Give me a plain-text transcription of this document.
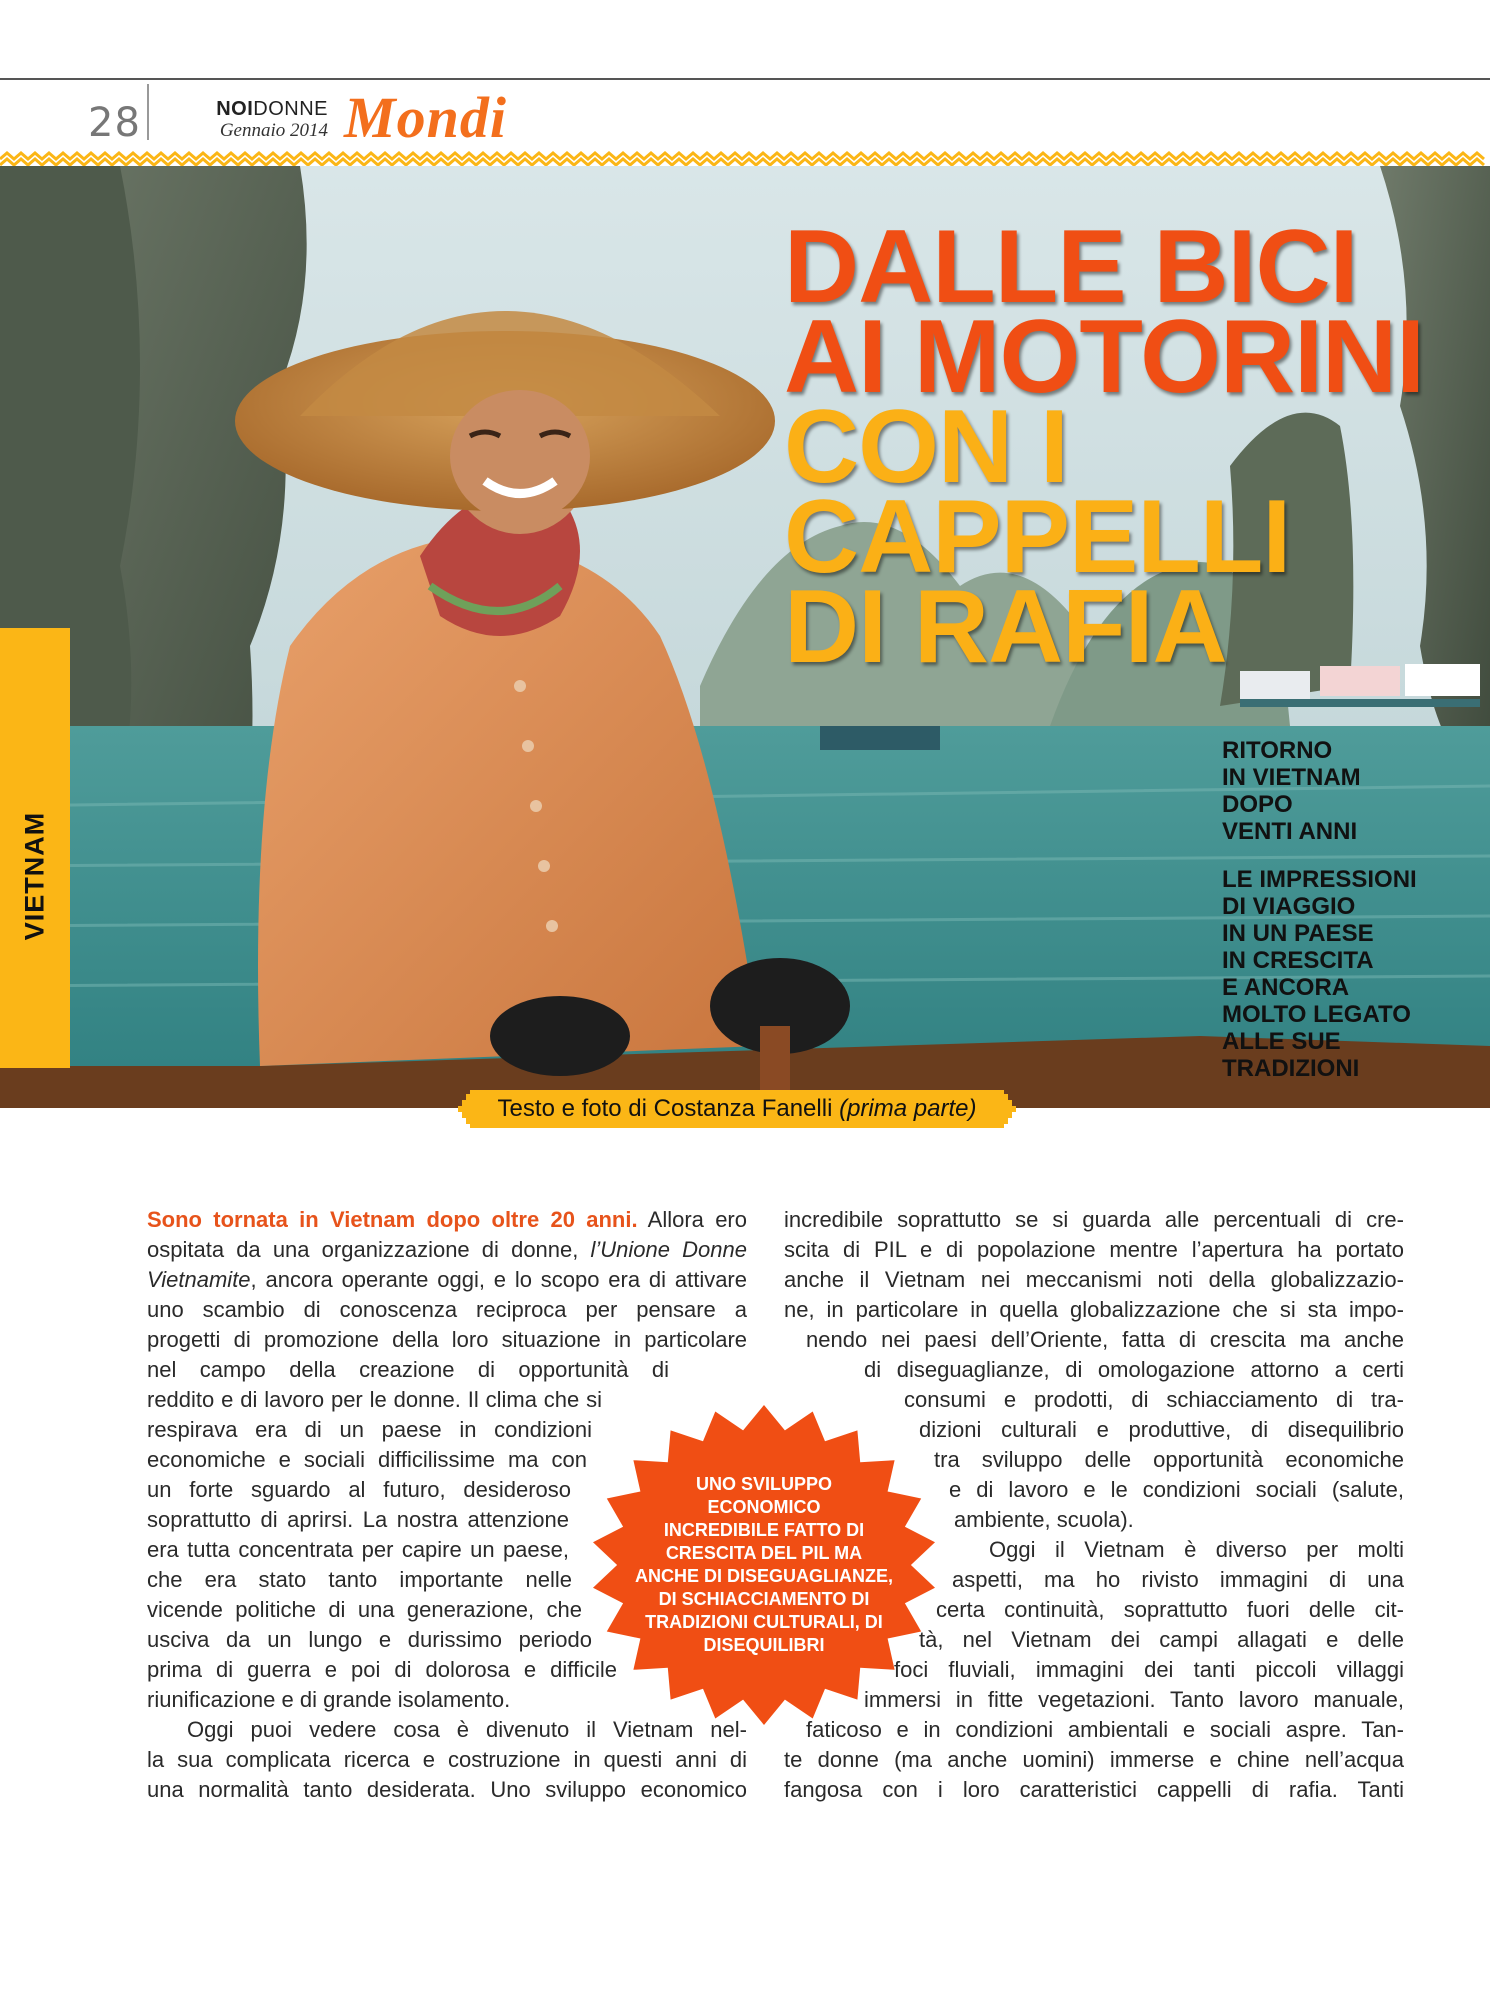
28	NOIDONNE
Gennaio 2014 Mondi
DALLE BICI
AI MOTORINI
CON I
CAPPELLI
DI RAFIA
RITORNO
IN VIETNAM
DOPO
VENTI ANNI
LE IMPRESSIONI
DI VIAGGIO
IN UN PAESE
IN CRESCITA
E ANCORA
MOLTO LEGATO
ALLE SUE
TRADIZIONI
VIETNAM
Testo e foto di Costanza Fanelli (prima parte)
Sono tornata in Vietnam dopo oltre 20 anni. Allora ero
ospitata da una organizzazione di donne, l’Unione Donne
Vietnamite, ancora operante oggi, e lo scopo era di attivare
uno scambio di conoscenza reciproca per pensare a
progetti di promozione della loro situazione in particolare
nel campo della creazione di opportunità di
reddito e di lavoro per le donne. Il clima che si
respirava era di un paese in condizioni
economiche e sociali difficilissime ma con
un forte sguardo al futuro, desideroso
soprattutto di aprirsi. La nostra attenzione
era tutta concentrata per capire un paese,
che era stato tanto importante nelle
vicende politiche di una generazione, che
usciva da un lungo e durissimo periodo
prima di guerra e poi di dolorosa e difficile
riunificazione e di grande isolamento.
Oggi puoi vedere cosa è divenuto il Vietnam nel-
la sua complicata ricerca e costruzione in questi anni di
una normalità tanto desiderata. Uno sviluppo economico
incredibile soprattutto se si guarda alle percentuali di cre-
scita di PIL e di popolazione mentre l’apertura ha portato
anche il Vietnam nei meccanismi noti della globalizzazio-
ne, in particolare in quella globalizzazione che si sta impo-
nendo nei paesi dell’Oriente, fatta di crescita ma anche
di diseguaglianze, di omologazione attorno a certi
consumi e prodotti, di schiacciamento di tra-
dizioni culturali e produttive, di disequilibrio
tra sviluppo delle opportunità economiche
e di lavoro e le condizioni sociali (salute,
ambiente, scuola).
Oggi il Vietnam è diverso per molti
aspetti, ma ho rivisto immagini di una
certa continuità, soprattutto fuori delle cit-
tà, nel Vietnam dei campi allagati e delle
foci fluviali, immagini dei tanti piccoli villaggi
immersi in fitte vegetazioni. Tanto lavoro manuale,
faticoso e in condizioni ambientali e sociali aspre. Tan-
te donne (ma anche uomini) immerse e chine nell’acqua
fangosa con i loro caratteristici cappelli di rafia. Tanti
UNO SVILUPPO
ECONOMICO
INCREDIBILE FATTO DI
CRESCITA DEL PIL MA
ANCHE DI DISEGUAGLIANZE,
DI SCHIACCIAMENTO DI
TRADIZIONI CULTURALI, DI
DISEQUILIBRI
